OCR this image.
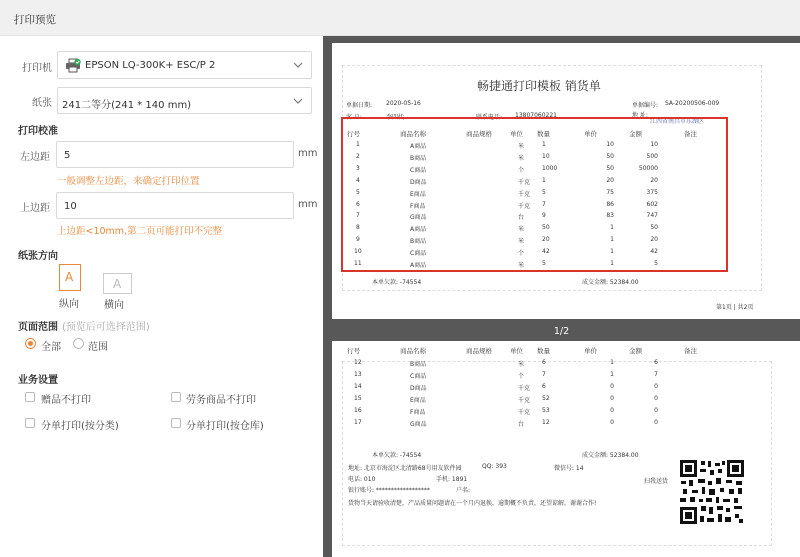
打印预览
打印机	EPSON LQ-300K+ ESC/P 2
纸张 241二等分(241 * 140 mm)
打印校准
左边距 5	mm
一般调整左边距，来确定打印位置
上边距 10	mm
上边距<10mm,第二页可能打印不完整
纸张方向
A
纵向
A
横向
页面范围 (预览后可选择范围)
全部	范围
业务设置
赠品不打印	劳务商品不打印
分单打印(按分类)	分单打印(按仓库)
畅捷通打印模板 销货单
单据日期: 2020-05-16	单据编号: SA-20200506-009
客 户:	李四代	联系电话: 13807060221	地 址:
江西省南昌市东湖区
行号	商品名称	商品规格	单位 数量	单价	金额	备注
1	A商品	米	1	10	10
2	B商品	米	10	50	500
3	C商品	个	1000	50	50000
4	D商品	千克 1	20	20
5	E商品	千克 5	75	375
6	F商品	千克 7	86	602
7	G商品	台	9	83	747
8	A商品	米	50	1	50
9	B商品	米	20	1	20
10	C商品	个	42	1	42
11	A商品	米	5	1	5
本单欠款: -74554	成交金额: 52384.00
第1页 | 共2页
1/2
行号	商品名称	商品规格	单位 数量	单价	金额	备注
12	B商品	米	6	1	6
13	C商品	个	7	1	7
14	D商品	千克 6	0	0
15	E商品	千克 52	0	0
16	F商品	千克 53	0	0
17	G商品	台	12	0	0
本单欠款: -74554	成交金额: 52384.00
地址: 北京市海淀区北清路68号用友软件园	QQ: 393	微信号: 14
电话: 010	手机: 1891
银行账号: ******************	户名:
货物当天请验收清楚，产品质量问题请在一个月内退换，逾期概不负责，还望谅解，谢谢合作!
扫我送货
